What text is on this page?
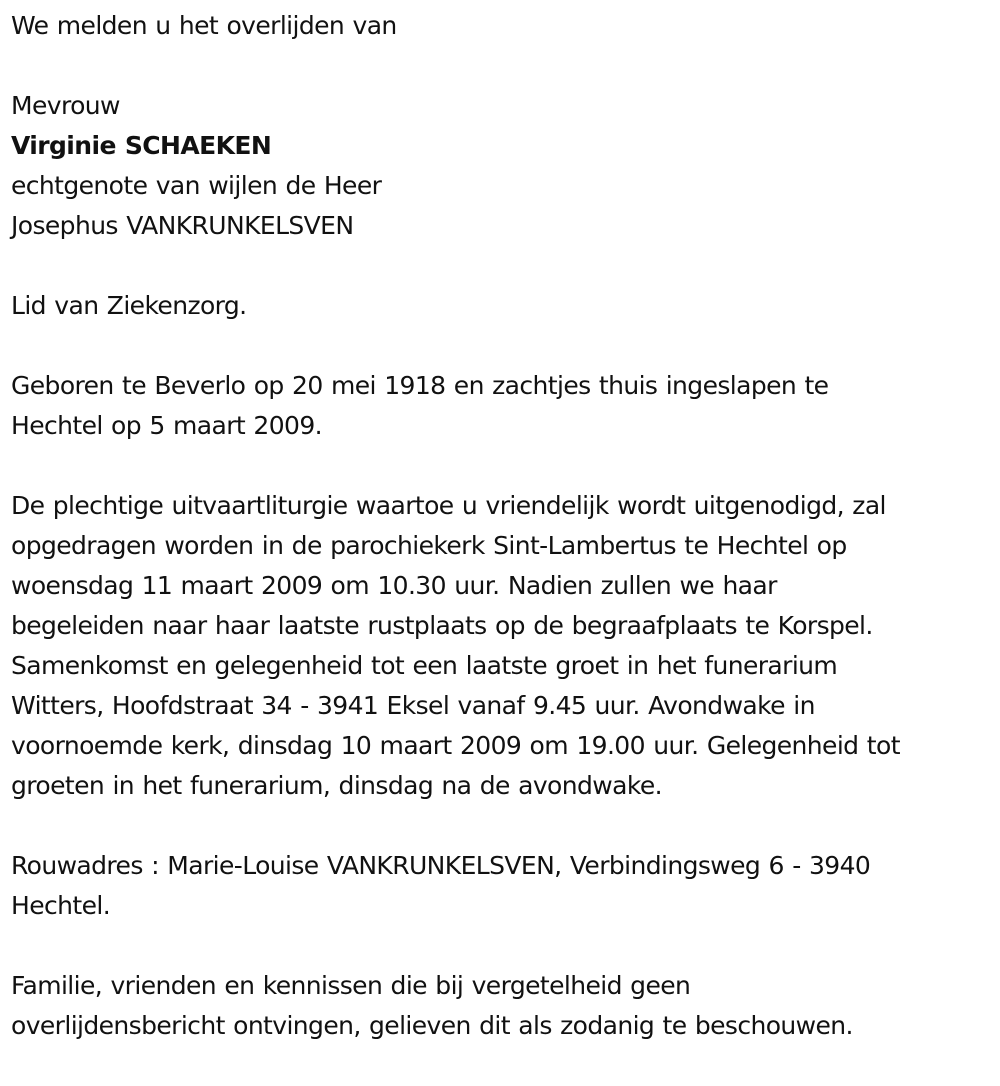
We melden u het overlijden van

Mevrouw

Virginie SCHAEKEN

echtgenote van wijlen de Heer

Josephus VANKRUNKELSVEN

Lid van Ziekenzorg.

Geboren te Beverlo op 20 mei 1918 en zachtjes thuis ingeslapen te

Hechtel op 5 maart 2009.

De plechtige uitvaartliturgie waartoe u vriendelijk wordt uitgenodigd, zal

opgedragen worden in de parochiekerk Sint-Lambertus te Hechtel op

woensdag 11 maart 2009 om 10.30 uur. Nadien zullen we haar

begeleiden naar haar laatste rustplaats op de begraafplaats te Korspel.

Samenkomst en gelegenheid tot een laatste groet in het funerarium

Witters, Hoofdstraat 34 - 3941 Eksel vanaf 9.45 uur. Avondwake in

voornoemde kerk, dinsdag 10 maart 2009 om 19.00 uur. Gelegenheid tot

groeten in het funerarium, dinsdag na de avondwake.

Rouwadres : Marie-Louise VANKRUNKELSVEN, Verbindingsweg 6 - 3940

Hechtel.

Familie, vrienden en kennissen die bij vergetelheid geen

overlijdensbericht ontvingen, gelieven dit als zodanig te beschouwen.
